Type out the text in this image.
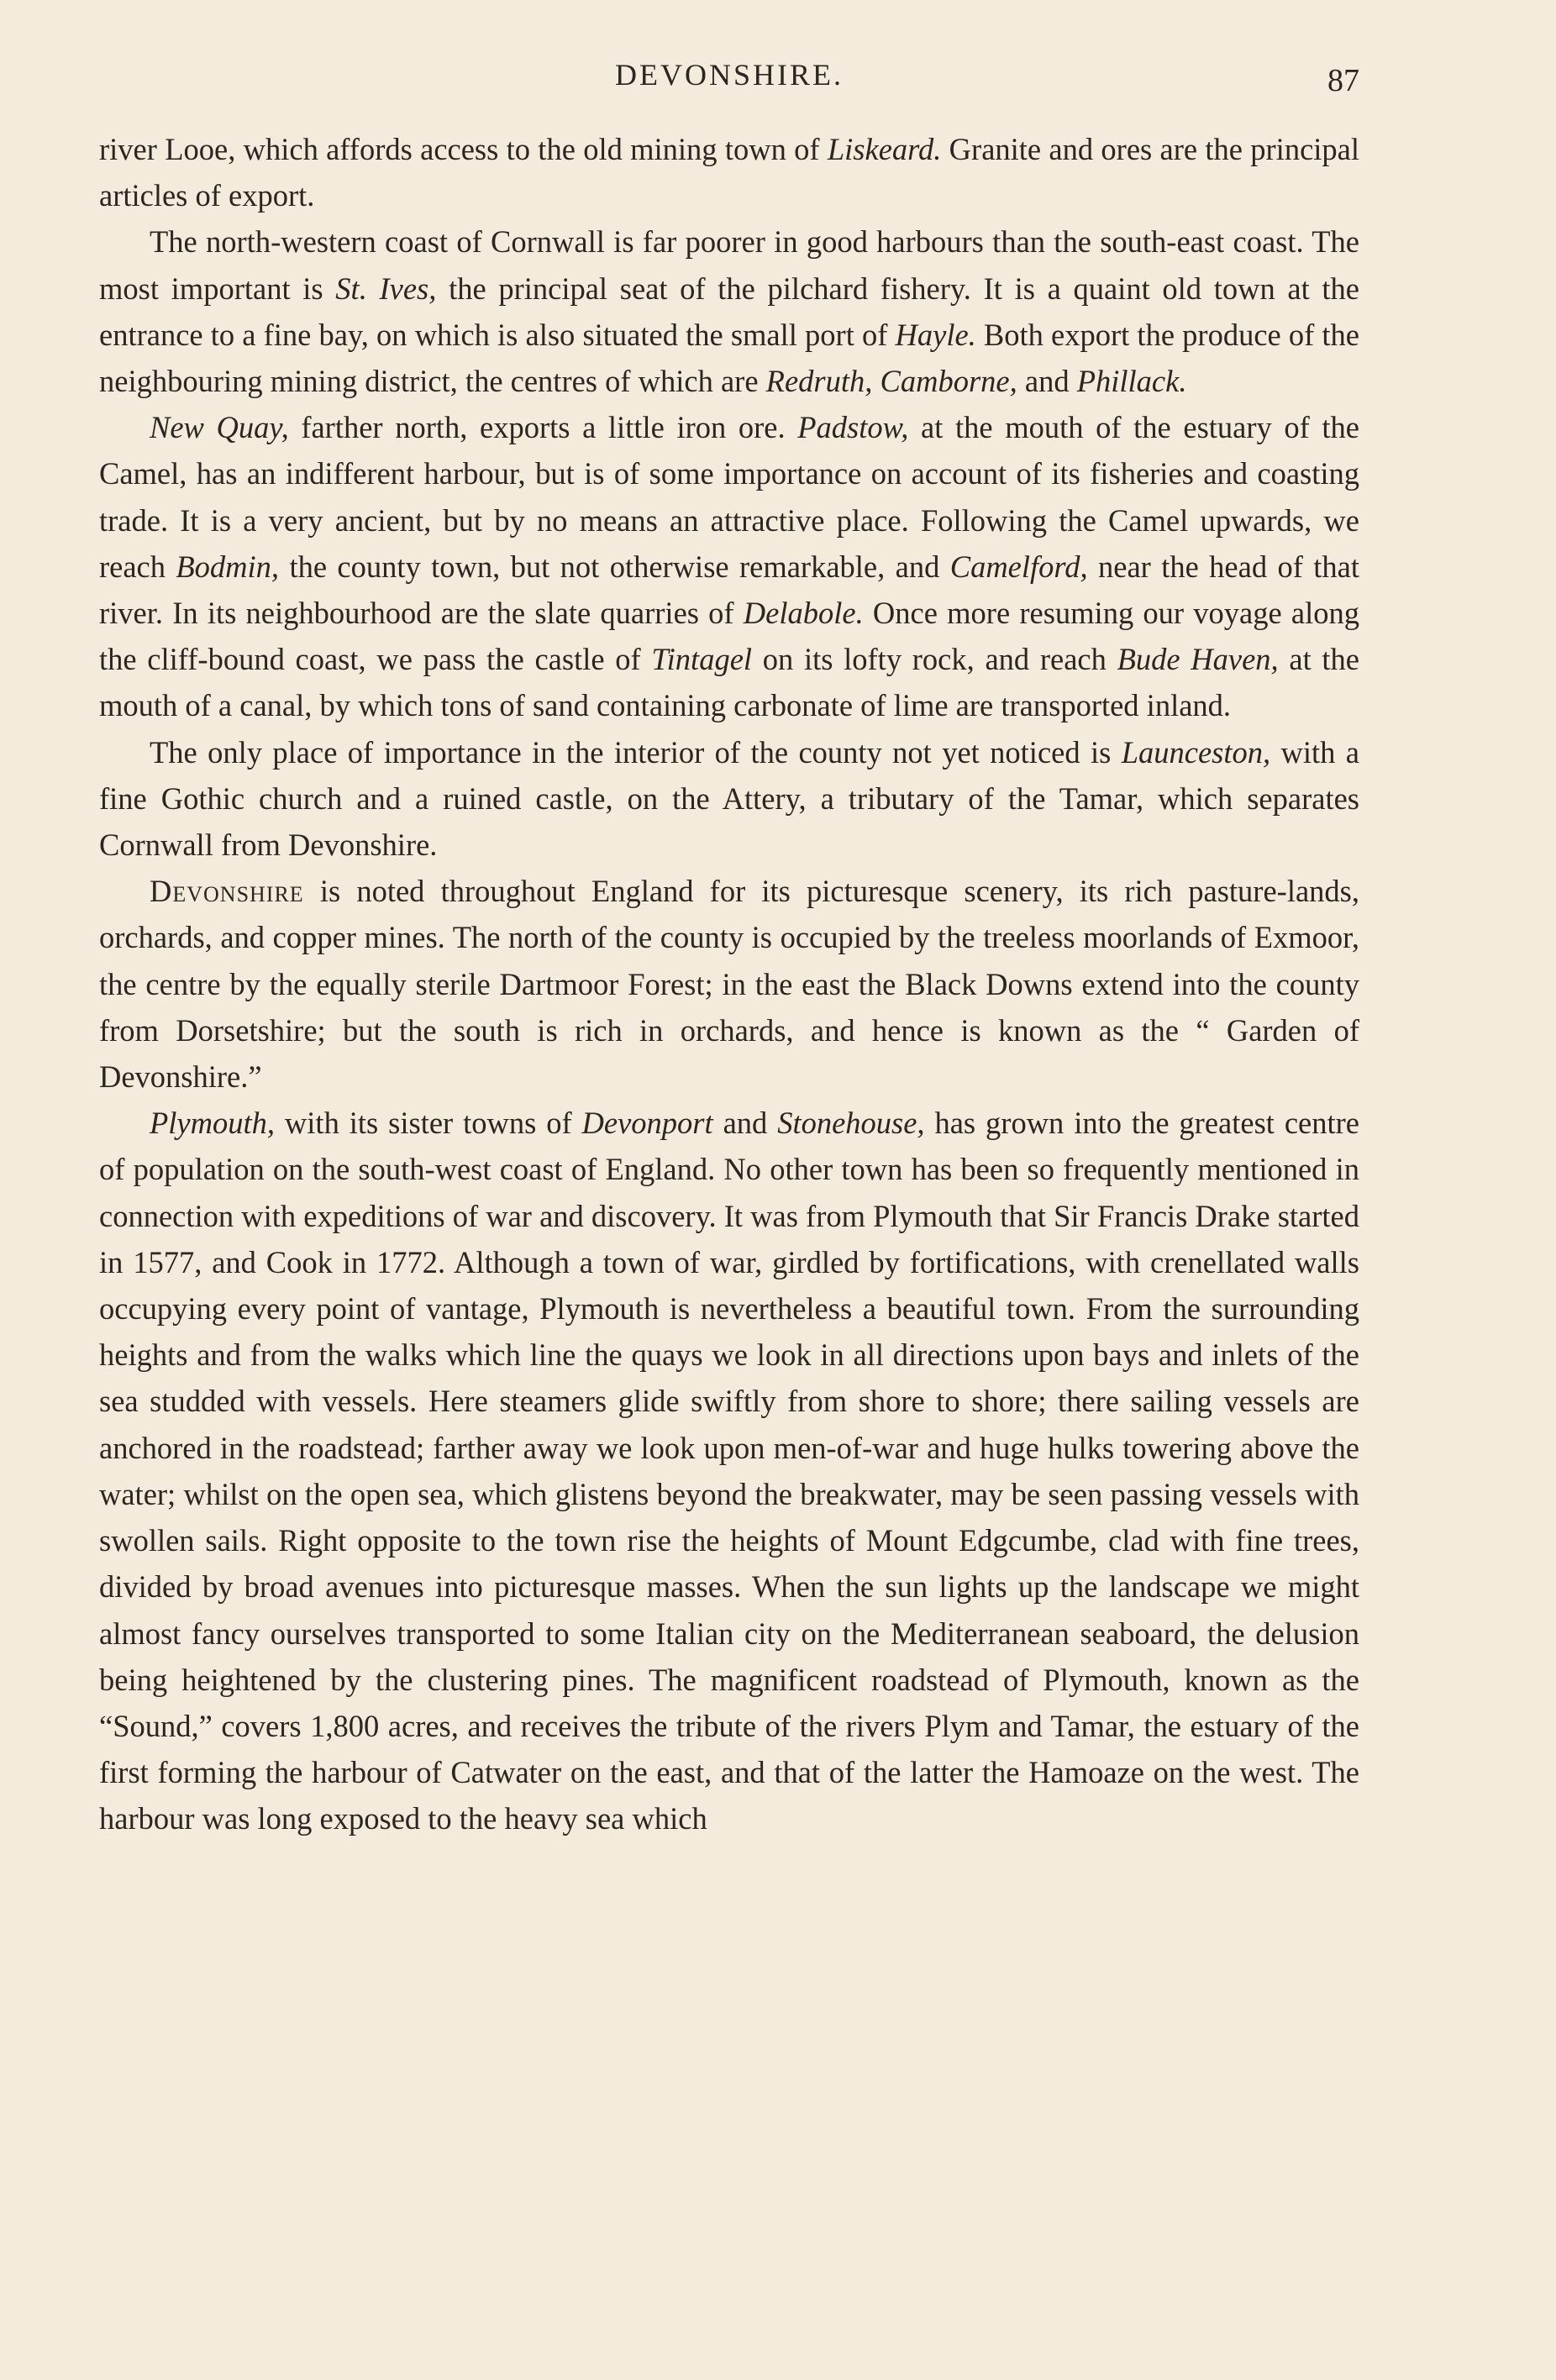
DEVONSHIRE.	87

river Looe, which affords access to the old mining town of Liskeard. Granite and ores are the principal articles of export.

The north-western coast of Cornwall is far poorer in good harbours than the south-east coast. The most important is St. Ives, the principal seat of the pilchard fishery. It is a quaint old town at the entrance to a fine bay, on which is also situated the small port of Hayle. Both export the produce of the neighbouring mining district, the centres of which are Redruth, Camborne, and Phillack.

New Quay, farther north, exports a little iron ore. Padstow, at the mouth of the estuary of the Camel, has an indifferent harbour, but is of some importance on account of its fisheries and coasting trade. It is a very ancient, but by no means an attractive place. Following the Camel upwards, we reach Bodmin, the county town, but not otherwise remarkable, and Camelford, near the head of that river. In its neighbourhood are the slate quarries of Delabole. Once more resuming our voyage along the cliff-bound coast, we pass the castle of Tintagel on its lofty rock, and reach Bude Haven, at the mouth of a canal, by which tons of sand containing carbonate of lime are transported inland.

The only place of importance in the interior of the county not yet noticed is Launceston, with a fine Gothic church and a ruined castle, on the Attery, a tributary of the Tamar, which separates Cornwall from Devonshire.

Devonshire is noted throughout England for its picturesque scenery, its rich pasture-lands, orchards, and copper mines. The north of the county is occupied by the treeless moorlands of Exmoor, the centre by the equally sterile Dartmoor Forest; in the east the Black Downs extend into the county from Dorsetshire; but the south is rich in orchards, and hence is known as the “ Garden of Devonshire.”

Plymouth, with its sister towns of Devonport and Stonehouse, has grown into the greatest centre of population on the south-west coast of England. No other town has been so frequently mentioned in connection with expeditions of war and discovery. It was from Plymouth that Sir Francis Drake started in 1577, and Cook in 1772. Although a town of war, girdled by fortifications, with crenellated walls occupying every point of vantage, Plymouth is nevertheless a beautiful town. From the surrounding heights and from the walks which line the quays we look in all directions upon bays and inlets of the sea studded with vessels. Here steamers glide swiftly from shore to shore; there sailing vessels are anchored in the roadstead; farther away we look upon men-of-war and huge hulks towering above the water; whilst on the open sea, which glistens beyond the breakwater, may be seen passing vessels with swollen sails. Right opposite to the town rise the heights of Mount Edgcumbe, clad with fine trees, divided by broad avenues into picturesque masses. When the sun lights up the landscape we might almost fancy ourselves transported to some Italian city on the Mediterranean seaboard, the delusion being heightened by the clustering pines. The magnificent roadstead of Plymouth, known as the “Sound,” covers 1,800 acres, and receives the tribute of the rivers Plym and Tamar, the estuary of the first forming the harbour of Catwater on the east, and that of the latter the Hamoaze on the west. The harbour was long exposed to the heavy sea which
